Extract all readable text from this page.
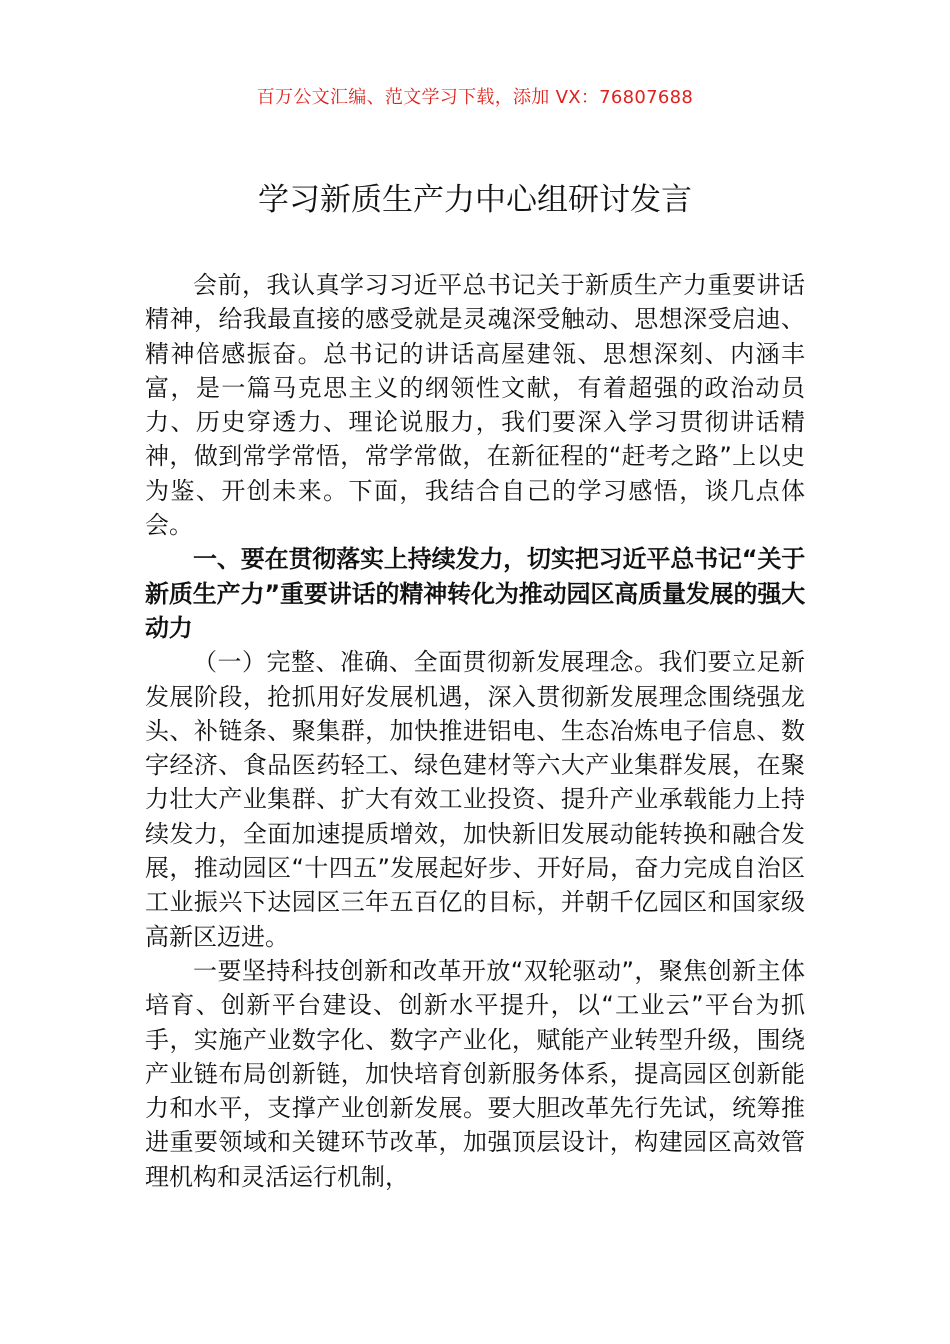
百万公文汇编、范文学习下载，添加 VX：76807688
学习新质生产力中心组研讨发言

会前，我认真学习习近平总书记关于新质生产力重要讲话精神，给我最直接的感受就是灵魂深受触动、思想深受启迪、精神倍感振奋。总书记的讲话高屋建瓴、思想深刻、内涵丰富，是一篇马克思主义的纲领性文献，有着超强的政治动员力、历史穿透力、理论说服力，我们要深入学习贯彻讲话精神，做到常学常悟，常学常做，在新征程的“赶考之路”上以史为鉴、开创未来。下面，我结合自己的学习感悟，谈几点体会。

一、要在贯彻落实上持续发力，切实把习近平总书记“关于新质生产力”重要讲话的精神转化为推动园区高质量发展的强大动力

（一）完整、准确、全面贯彻新发展理念。我们要立足新发展阶段，抢抓用好发展机遇，深入贯彻新发展理念围绕强龙头、补链条、聚集群，加快推进铝电、生态冶炼电子信息、数字经济、食品医药轻工、绿色建材等六大产业集群发展，在聚力壮大产业集群、扩大有效工业投资、提升产业承载能力上持续发力，全面加速提质增效，加快新旧发展动能转换和融合发展，推动园区“十四五”发展起好步、开好局，奋力完成自治区工业振兴下达园区三年五百亿的目标，并朝千亿园区和国家级高新区迈进。

一要坚持科技创新和改革开放“双轮驱动”，聚焦创新主体培育、创新平台建设、创新水平提升，以“工业云”平台为抓手，实施产业数字化、数字产业化，赋能产业转型升级，围绕产业链布局创新链，加快培育创新服务体系，提高园区创新能力和水平，支撑产业创新发展。要大胆改革先行先试，统筹推进重要领域和关键环节改革，加强顶层设计，构建园区高效管理机构和灵活运行机制，
